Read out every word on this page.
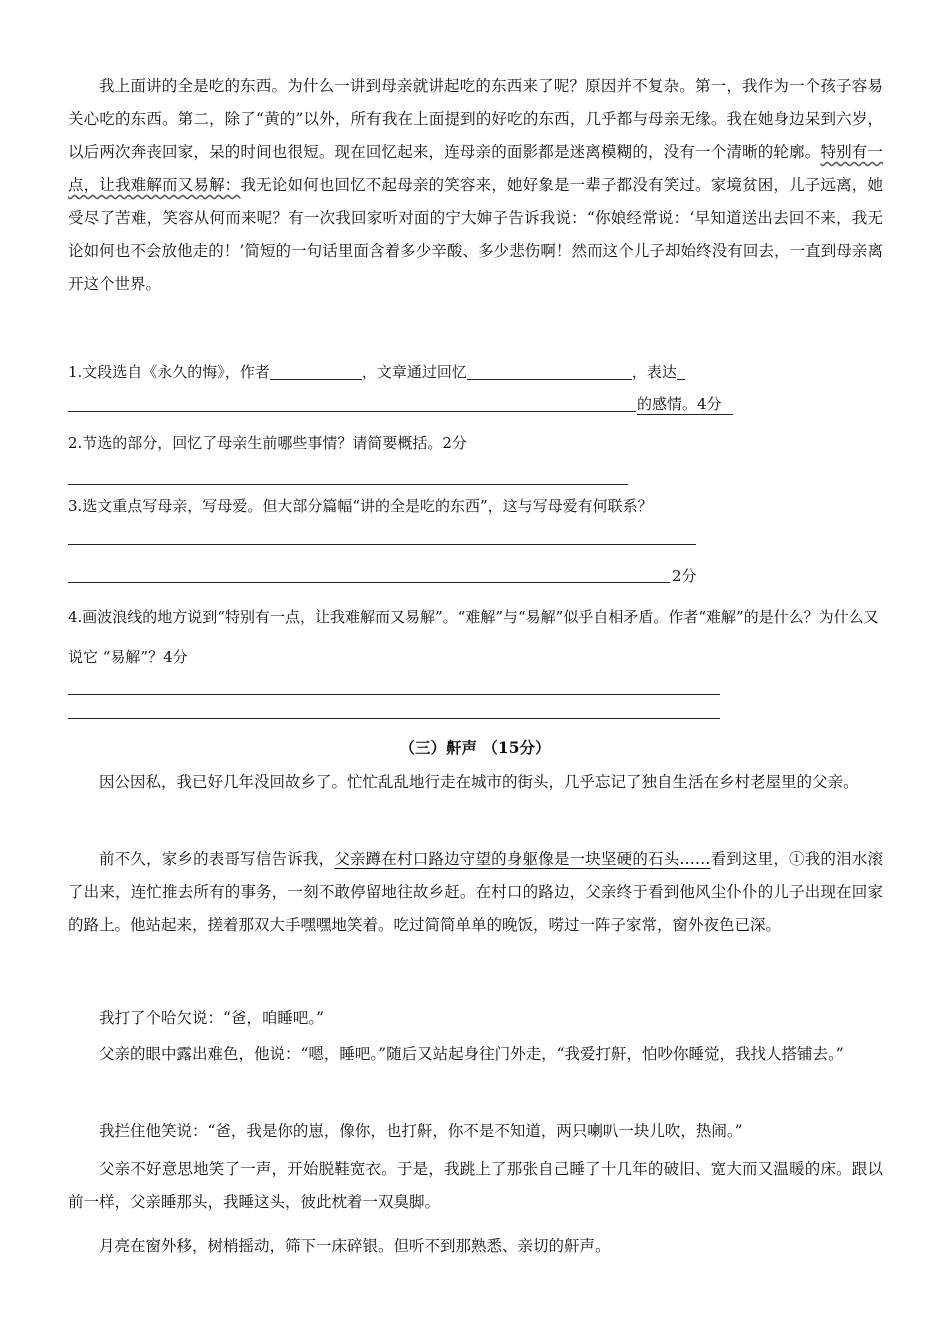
我上面讲的全是吃的东西。为什么一讲到母亲就讲起吃的东西来了呢？原因并不复杂。第一，我作为一个孩子容易关心吃的东西。第二，除了“黄的”以外，所有我在上面提到的好吃的东西，几乎都与母亲无缘。我在她身边呆到六岁，以后两次奔丧回家，呆的时间也很短。现在回忆起来，连母亲的面影都是迷离模糊的，没有一个清晰的轮廓。特别有一点，让我难解而又易解：我无论如何也回忆不起母亲的笑容来，她好象是一辈子都没有笑过。家境贫困，儿子远离，她受尽了苦难，笑容从何而来呢？有一次我回家听对面的宁大婶子告诉我说：“你娘经常说：‘早知道送出去回不来，我无论如何也不会放他走的！’简短的一句话里面含着多少辛酸、多少悲伤啊！然而这个儿子却始终没有回去，一直到母亲离开这个世界。
1.文段选自《永久的悔》，作者	，文章通过回忆	，表达
的感情。4分
2.节选的部分，回忆了母亲生前哪些事情？请简要概括。2分
3.选文重点写母亲，写母爱。但大部分篇幅“讲的全是吃的东西”，这与写母爱有何联系？
2分
4.画波浪线的地方说到“特别有一点，让我难解而又易解”。“难解”与“易解”似乎自相矛盾。作者“难解”的是什么？为什么又说它 “易解”？4分
（三）鼾声 （15分）
因公因私，我已好几年没回故乡了。忙忙乱乱地行走在城市的街头，几乎忘记了独自生活在乡村老屋里的父亲。
前不久，家乡的表哥写信告诉我，父亲蹲在村口路边守望的身躯像是一块坚硬的石头……看到这里，①我的泪水滚了出来，连忙推去所有的事务，一刻不敢停留地往故乡赶。在村口的路边，父亲终于看到他风尘仆仆的儿子出现在回家的路上。他站起来，搓着那双大手嘿嘿地笑着。吃过简简单单的晚饭，唠过一阵子家常，窗外夜色已深。
我打了个哈欠说：“爸，咱睡吧。”
父亲的眼中露出难色，他说：“嗯，睡吧。”随后又站起身往门外走，“我爱打鼾，怕吵你睡觉，我找人搭铺去。”
我拦住他笑说：“爸，我是你的崽，像你，也打鼾，你不是不知道，两只喇叭一块儿吹，热闹。”
父亲不好意思地笑了一声，开始脱鞋宽衣。于是，我跳上了那张自己睡了十几年的破旧、宽大而又温暖的床。跟以前一样，父亲睡那头，我睡这头，彼此枕着一双臭脚。
月亮在窗外移，树梢摇动，筛下一床碎银。但听不到那熟悉、亲切的鼾声。
